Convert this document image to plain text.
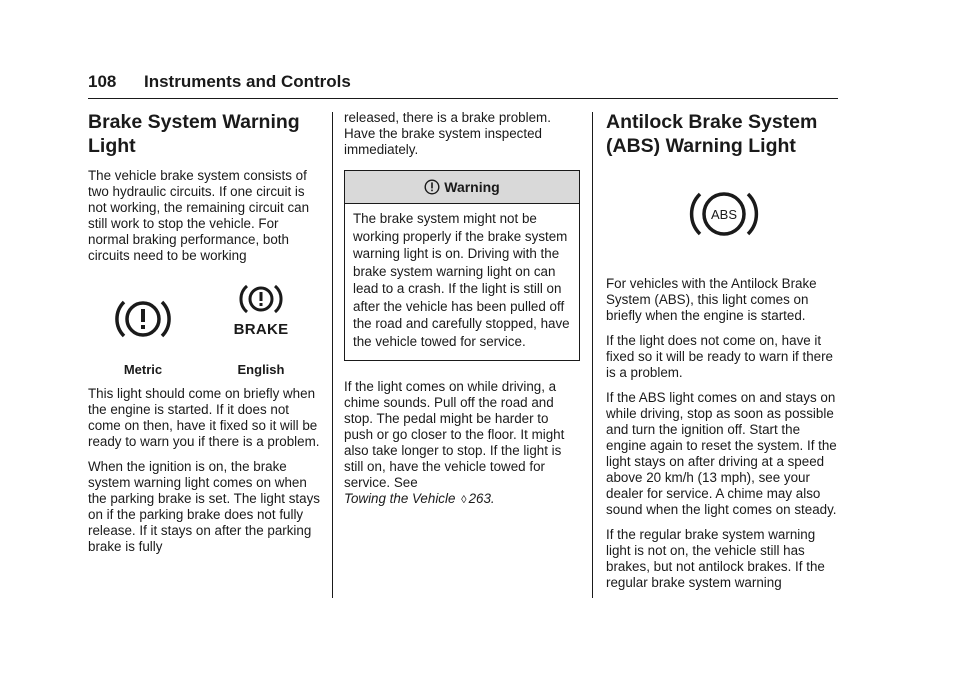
108 Instruments and Controls
Brake System Warning Light

The vehicle brake system consists of two hydraulic circuits. If one circuit is not working, the remaining circuit can still work to stop the vehicle. For normal braking performance, both circuits need to be working

Metric
BRAKE
English

This light should come on briefly when the engine is started. If it does not come on then, have it fixed so it will be ready to warn you if there is a problem.

When the ignition is on, the brake system warning light comes on when the parking brake is set. The light stays on if the parking brake does not fully release. If it stays on after the parking brake is fully

released, there is a brake problem. Have the brake system inspected immediately.

Warning
The brake system might not be working properly if the brake system warning light is on. Driving with the brake system warning light on can lead to a crash. If the light is still on after the vehicle has been pulled off the road and carefully stopped, have the vehicle towed for service.

If the light comes on while driving, a chime sounds. Pull off the road and stop. The pedal might be harder to push or go closer to the floor. It might also take longer to stop. If the light is still on, have the vehicle towed for service. See
Towing the Vehicle ◊ 263.

Antilock Brake System (ABS) Warning Light
ABS

For vehicles with the Antilock Brake System (ABS), this light comes on briefly when the engine is started.

If the light does not come on, have it fixed so it will be ready to warn if there is a problem.

If the ABS light comes on and stays on while driving, stop as soon as possible and turn the ignition off. Start the engine again to reset the system. If the light stays on after driving at a speed above 20 km/h (13 mph), see your dealer for service. A chime may also sound when the light comes on steady.

If the regular brake system warning light is not on, the vehicle still has brakes, but not antilock brakes. If the regular brake system warning
